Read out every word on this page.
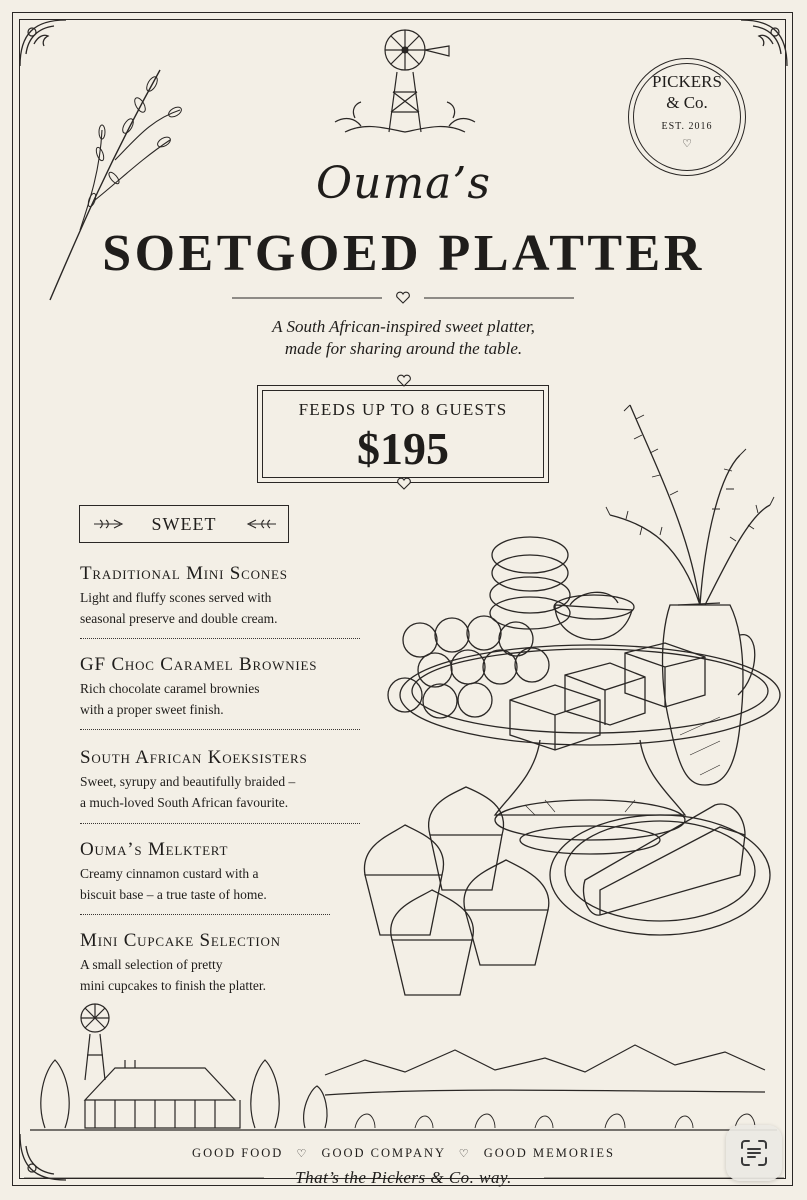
PICKERS
& Co.
EST. 2016
♡
Ouma’s
SOETGOED PLATTER
A South African-inspired sweet platter,
made for sharing around the table.
FEEDS UP TO 8 GUESTS
$195
SWEET
Traditional Mini Scones
Light and fluffy scones served with
seasonal preserve and double cream.
GF Choc Caramel Brownies
Rich chocolate caramel brownies
with a proper sweet finish.
South African Koeksisters
Sweet, syrupy and beautifully braided –
a much-loved South African favourite.
Ouma’s Melktert
Creamy cinnamon custard with a
biscuit base – a true taste of home.
Mini Cupcake Selection
A small selection of pretty
mini cupcakes to finish the platter.
GOOD FOOD ♡ GOOD COMPANY ♡ GOOD MEMORIES
That’s the Pickers & Co. way.
